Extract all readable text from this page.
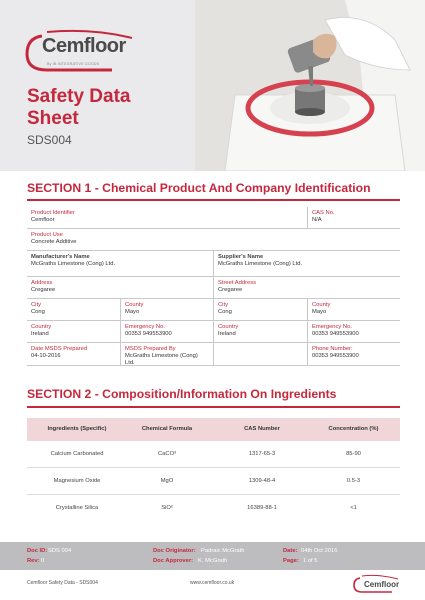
Cemfloor
By IB INTEGRATIVE GOODS
Safety Data Sheet
SDS004
SECTION 1 - Chemical Product And Company Identification
Product Identifier
Cemfloor
CAS No.
N/A
Product Use
Concrete Additive
Manufacturer's Name
McGraths Limestone (Cong) Ltd.
Supplier's Name
McGraths Limestone (Cong) Ltd.
Address
Cregaree
Street Address
Cregaree
City
Cong
County
Mayo
City
Cong
County
Mayo
Country
Ireland
Emergency No.
00353 949553900
Country
Ireland
Emergency No.
00353 949553900
Date MSDS Prepared
04-10-2016
MSDS Prepared By
McGraths Limestone (Cong) Ltd.
Phone Number:
00353 949553900
SECTION 2 - Composition/Information On Ingredients
Ingredients (Specific)	Chemical Formula	CAS Number	Concentration (%)
Calcium Carbonated	CaCO³	1317-65-3	85-90
Magnesium Oxide	MgO	1309-48-4	0.5-3
Crystalline Silica	SiO²	16389-88-1	<1
Doc ID: SDS 004
Rev: 0
Doc Originator: Padraic McGrath
Doc Approver: K. McGrath
Date: 04th Oct 2016
Page: 1 of 5
Cemfloor Safety Data - SDS004	www.cemfloor.co.uk	Cemfloor
